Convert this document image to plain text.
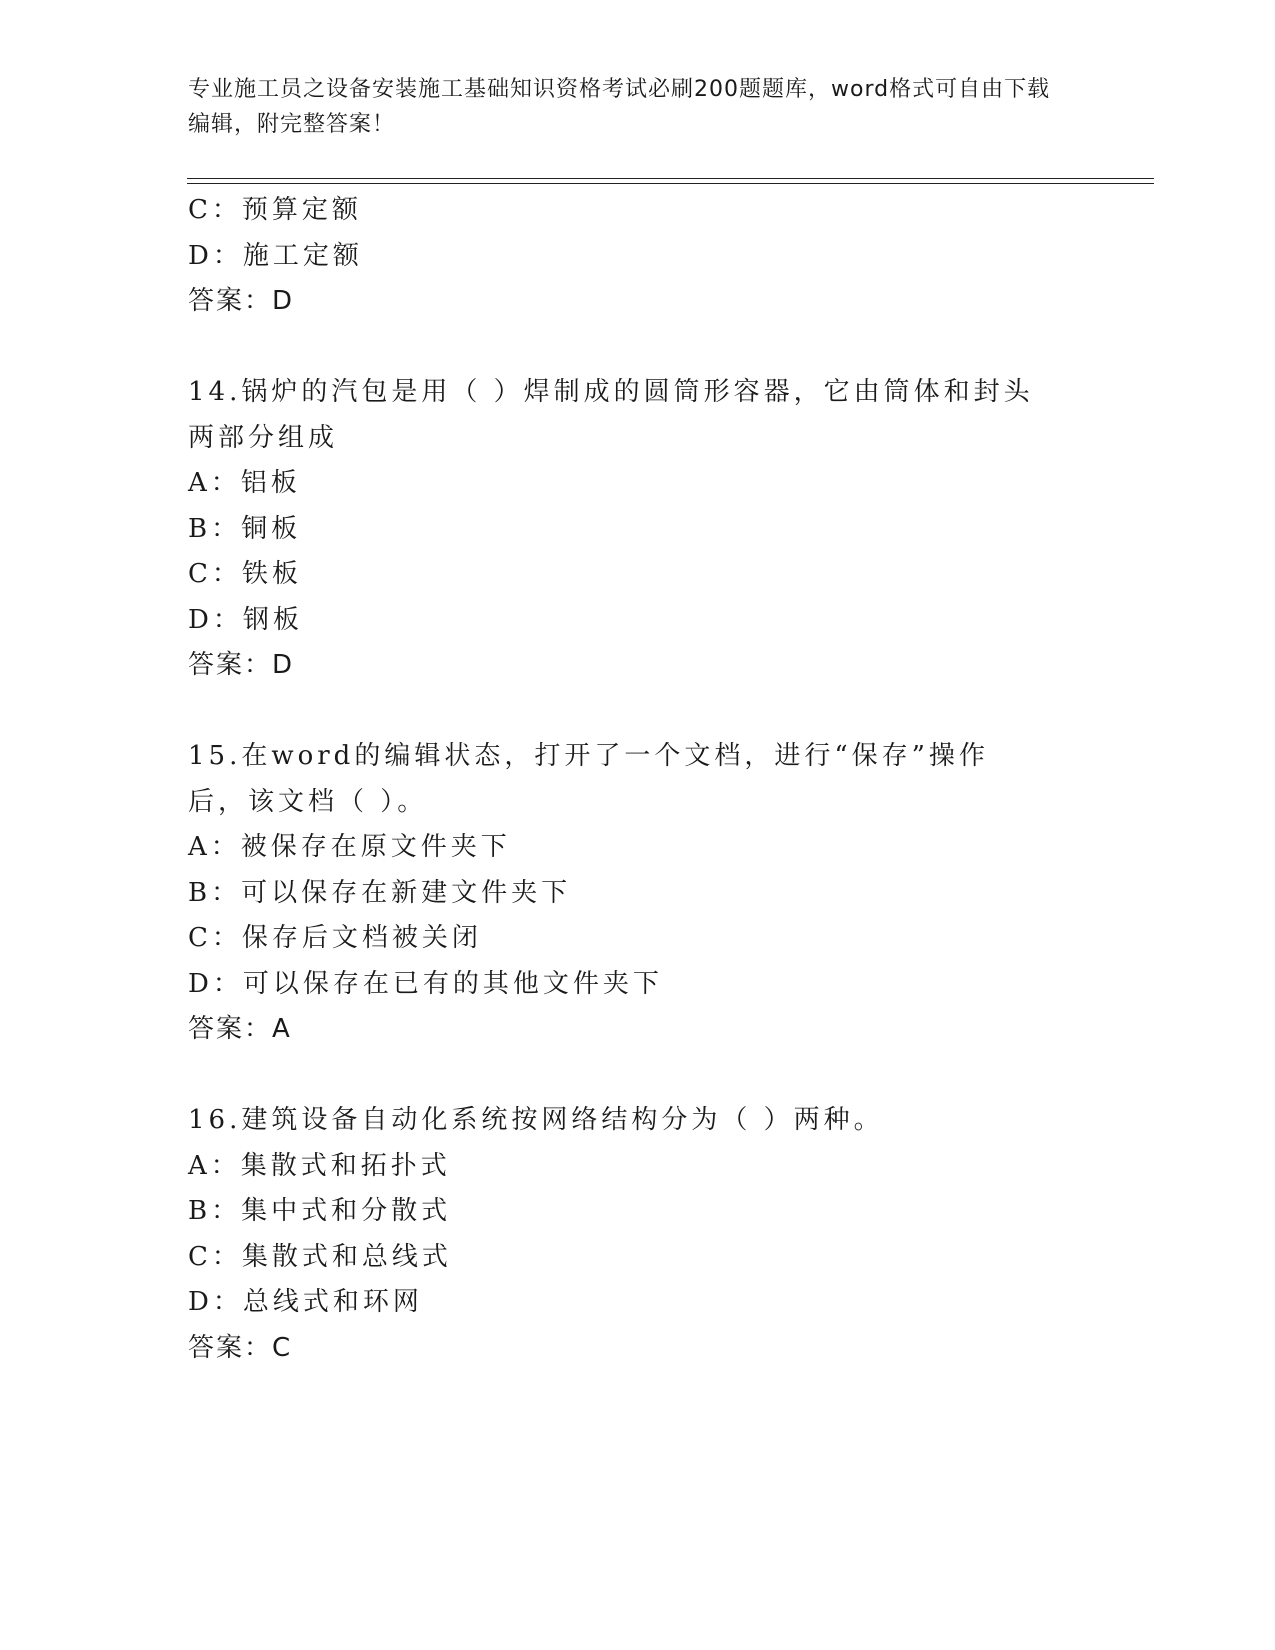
专业施工员之设备安装施工基础知识资格考试必刷200题题库，word格式可自由下载编辑，附完整答案！
C：预算定额
D：施工定额
答案：D
14.锅炉的汽包是用（ ）焊制成的圆筒形容器，它由筒体和封头两部分组成
A：铝板
B：铜板
C：铁板
D：钢板
答案：D
15.在word的编辑状态，打开了一个文档，进行“保存”操作后，该文档（ ）。
A：被保存在原文件夹下
B：可以保存在新建文件夹下
C：保存后文档被关闭
D：可以保存在已有的其他文件夹下
答案：A
16.建筑设备自动化系统按网络结构分为（ ）两种。
A：集散式和拓扑式
B：集中式和分散式
C：集散式和总线式
D：总线式和环网
答案：C
